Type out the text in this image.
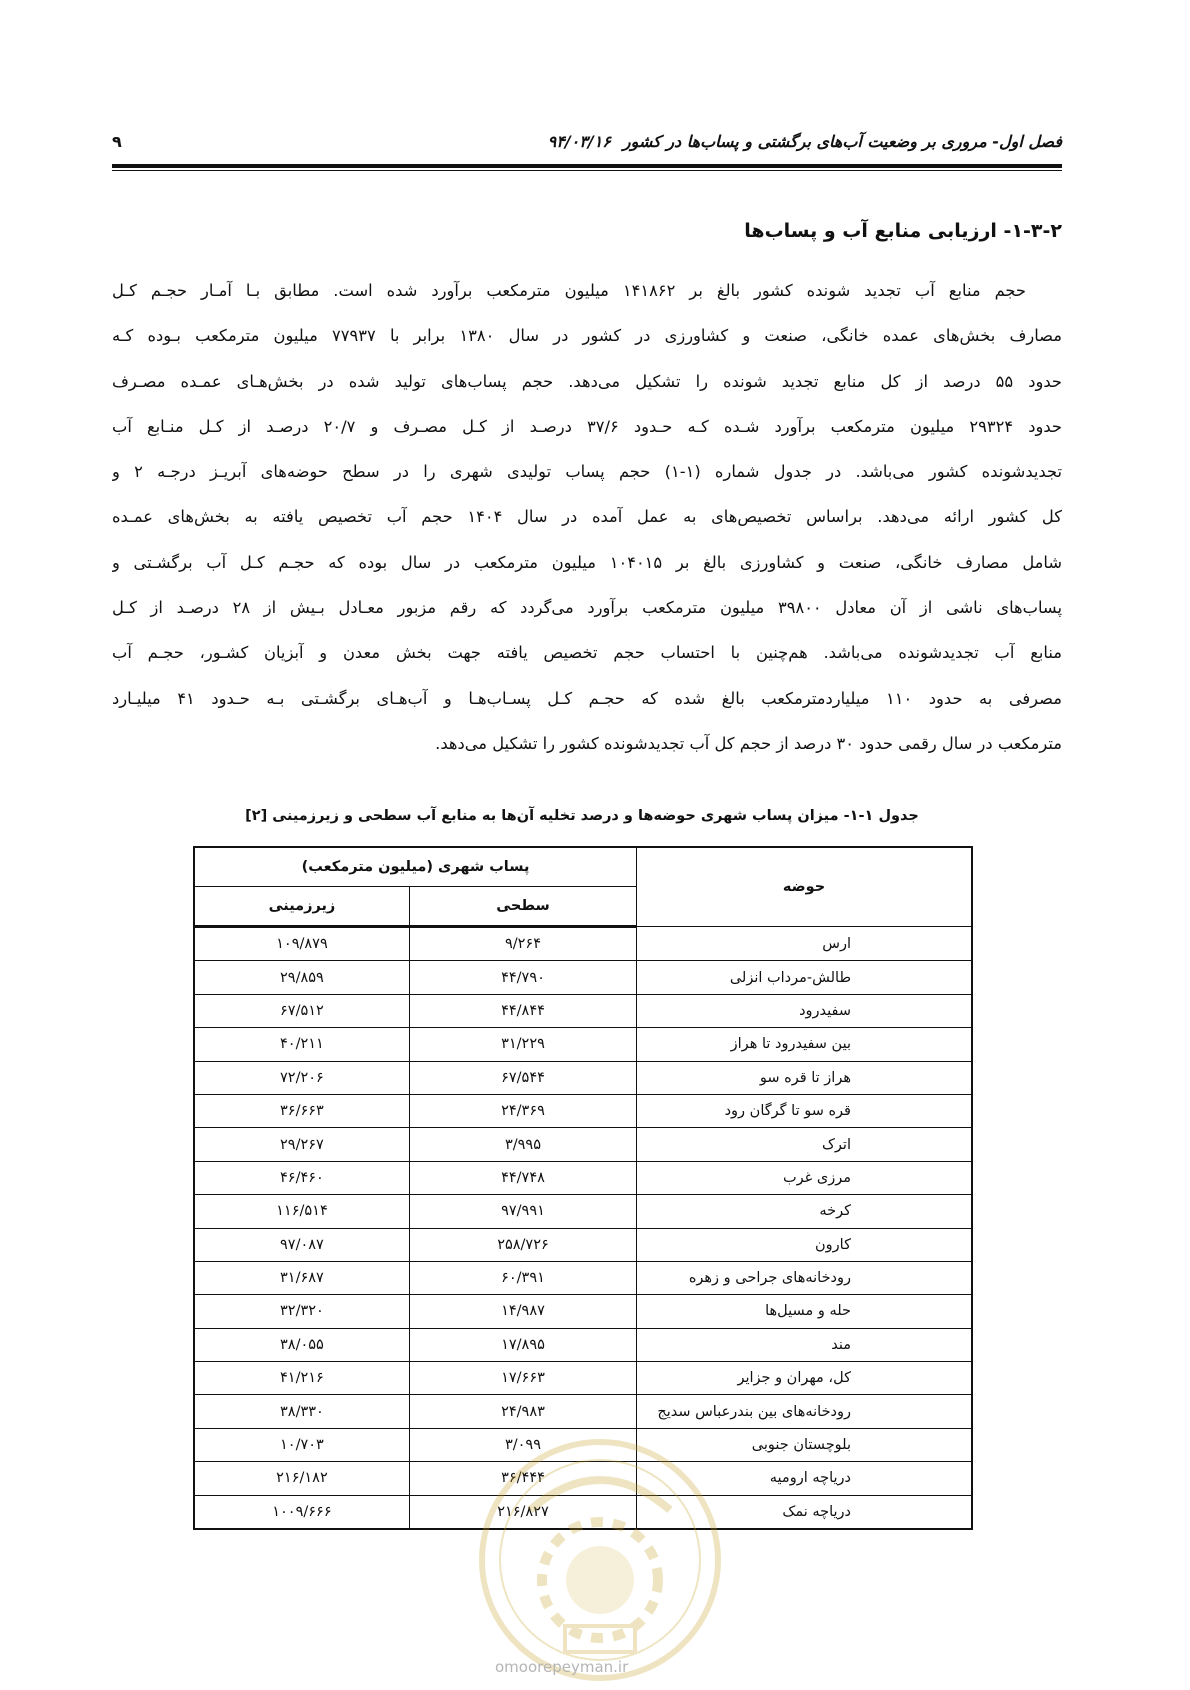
فصل اول- مروری بر وضعیت آب‌های برگشتی و پساب‌ها در کشور۹۴/۰۳/۱۶
۹
۱-۳-۲- ارزیابی منابع آب و پساب‌ها
حجم منابع آب تجدید شونده کشور بالغ بر ۱۴۱۸۶۲ میلیون مترمکعب برآورد شده است. مطابق بـا آمـار حجـم کـل
مصارف بخش‌های عمده خانگی، صنعت و کشاورزی در کشور در سال ۱۳۸۰ برابر با ۷۷۹۳۷ میلیون مترمکعب بـوده کـه
حدود ۵۵ درصد از کل منابع تجدید شونده را تشکیل می‌دهد. حجم پساب‌های تولید شده در بخش‌هـای عمـده مصـرف
حدود ۲۹۳۲۴ میلیون مترمکعب برآورد شـده کـه حـدود ۳۷/۶ درصـد از کـل مصـرف و ۲۰/۷ درصـد از کـل منـابع آب
تجدیدشونده کشور می‌باشد. در جدول شماره (۱-۱) حجم پساب تولیدی شهری را در سطح حوضه‌های آبریـز درجـه ۲ و
کل کشور ارائه می‌دهد. براساس تخصیص‌های به عمل آمده در سال ۱۴۰۴ حجم آب تخصیص یافته به بخش‌های عمـده
شامل مصارف خانگی، صنعت و کشاورزی بالغ بر ۱۰۴۰۱۵ میلیون مترمکعب در سال بوده که حجـم کـل آب برگشـتی و
پساب‌های ناشی از آن معادل ۳۹۸۰۰ میلیون مترمکعب برآورد می‌گردد که رقم مزبور معـادل بـیش از ۲۸ درصـد از کـل
منابع آب تجدیدشونده می‌باشد. هم‌چنین با احتساب حجم تخصیص یافته جهت بخش معدن و آبزیان کشـور، حجـم آب
مصرفی به حدود ۱۱۰ میلیاردمترمکعب بالغ شده که حجـم کـل پسـاب‌هـا و آب‌هـای برگشـتی بـه حـدود ۴۱ میلیـارد
مترمکعب در سال رقمی حدود ۳۰ درصد از حجم کل آب تجدیدشونده کشور را تشکیل می‌دهد.
جدول ۱-۱- میزان پساب شهری حوضه‌ها و درصد تخلیه آن‌ها به منابع آب سطحی و زیرزمینی [۲]
حوضه	پساب شهری (میلیون مترمکعب)	
	سطحی	زیرزمینی
ارس	۹/۲۶۴	۱۰۹/۸۷۹
طالش-مرداب انزلی	۴۴/۷۹۰	۲۹/۸۵۹
سفیدرود	۴۴/۸۴۴	۶۷/۵۱۲
بین سفیدرود تا هراز	۳۱/۲۲۹	۴۰/۲۱۱
هراز تا قره سو	۶۷/۵۴۴	۷۲/۲۰۶
قره سو تا گرگان رود	۲۴/۳۶۹	۳۶/۶۶۳
اترک	۳/۹۹۵	۲۹/۲۶۷
مرزی غرب	۴۴/۷۴۸	۴۶/۴۶۰
کرخه	۹۷/۹۹۱	۱۱۶/۵۱۴
کارون	۲۵۸/۷۲۶	۹۷/۰۸۷
رودخانه‌های جراحی و زهره	۶۰/۳۹۱	۳۱/۶۸۷
حله و مسیل‌ها	۱۴/۹۸۷	۳۲/۳۲۰
مند	۱۷/۸۹۵	۳۸/۰۵۵
کل، مهران و جزایر	۱۷/۶۶۳	۴۱/۲۱۶
رودخانه‌های بین بندرعباس سدیج	۲۴/۹۸۳	۳۸/۳۳۰
بلوچستان جنوبی	۳/۰۹۹	۱۰/۷۰۳
دریاچه ارومیه	۳۶/۴۴۴	۲۱۶/۱۸۲
دریاچه نمک	۲۱۶/۸۲۷	۱۰۰۹/۶۶۶
omoorepeyman.ir
